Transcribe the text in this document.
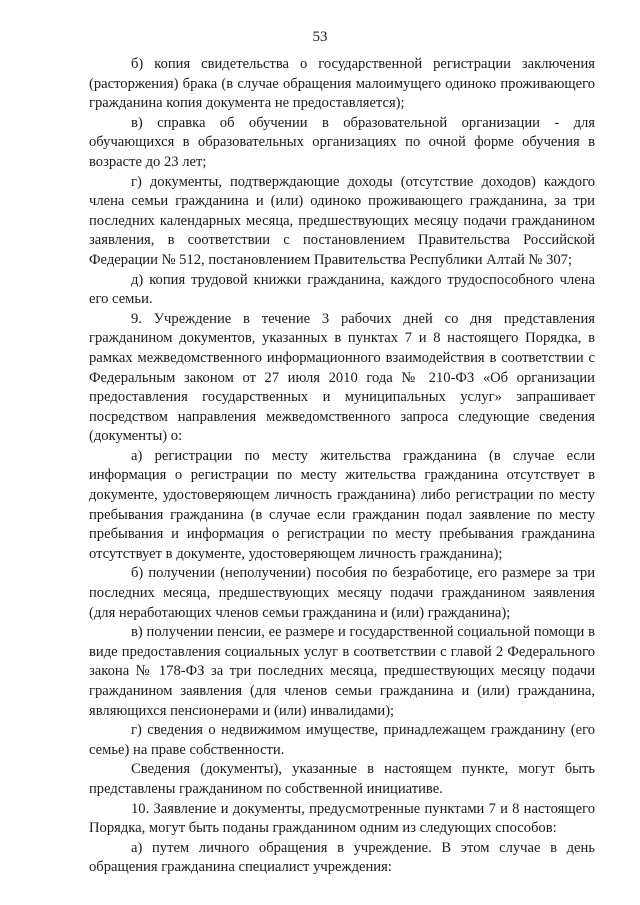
53

б) копия свидетельства о государственной регистрации заключения (расторжения) брака (в случае обращения малоимущего одиноко проживающего гражданина копия документа не предоставляется);

в) справка об обучении в образовательной организации - для обучающихся в образовательных организациях по очной форме обучения в возрасте до 23 лет;

г) документы, подтверждающие доходы (отсутствие доходов) каждого члена семьи гражданина и (или) одиноко проживающего гражданина, за три последних календарных месяца, предшествующих месяцу подачи гражданином заявления, в соответствии с постановлением Правительства Российской Федерации № 512, постановлением Правительства Республики Алтай № 307;

д) копия трудовой книжки гражданина, каждого трудоспособного члена его семьи.

9. Учреждение в течение 3 рабочих дней со дня представления гражданином документов, указанных в пунктах 7 и 8 настоящего Порядка, в рамках межведомственного информационного взаимодействия в соответствии с Федеральным законом от 27 июля 2010 года № 210-ФЗ «Об организации предоставления государственных и муниципальных услуг» запрашивает посредством направления межведомственного запроса следующие сведения (документы) о:

а) регистрации по месту жительства гражданина (в случае если информация о регистрации по месту жительства гражданина отсутствует в документе, удостоверяющем личность гражданина) либо регистрации по месту пребывания гражданина (в случае если гражданин подал заявление по месту пребывания и информация о регистрации по месту пребывания гражданина отсутствует в документе, удостоверяющем личность гражданина);

б) получении (неполучении) пособия по безработице, его размере за три последних месяца, предшествующих месяцу подачи гражданином заявления (для неработающих членов семьи гражданина и (или) гражданина);

в) получении пенсии, ее размере и государственной социальной помощи в виде предоставления социальных услуг в соответствии с главой 2 Федерального закона № 178-ФЗ за три последних месяца, предшествующих месяцу подачи гражданином заявления (для членов семьи гражданина и (или) гражданина, являющихся пенсионерами и (или) инвалидами);

г) сведения о недвижимом имуществе, принадлежащем гражданину (его семье) на праве собственности.

Сведения (документы), указанные в настоящем пункте, могут быть представлены гражданином по собственной инициативе.

10. Заявление и документы, предусмотренные пунктами 7 и 8 настоящего Порядка, могут быть поданы гражданином одним из следующих способов:

а) путем личного обращения в учреждение. В этом случае в день обращения гражданина специалист учреждения:
